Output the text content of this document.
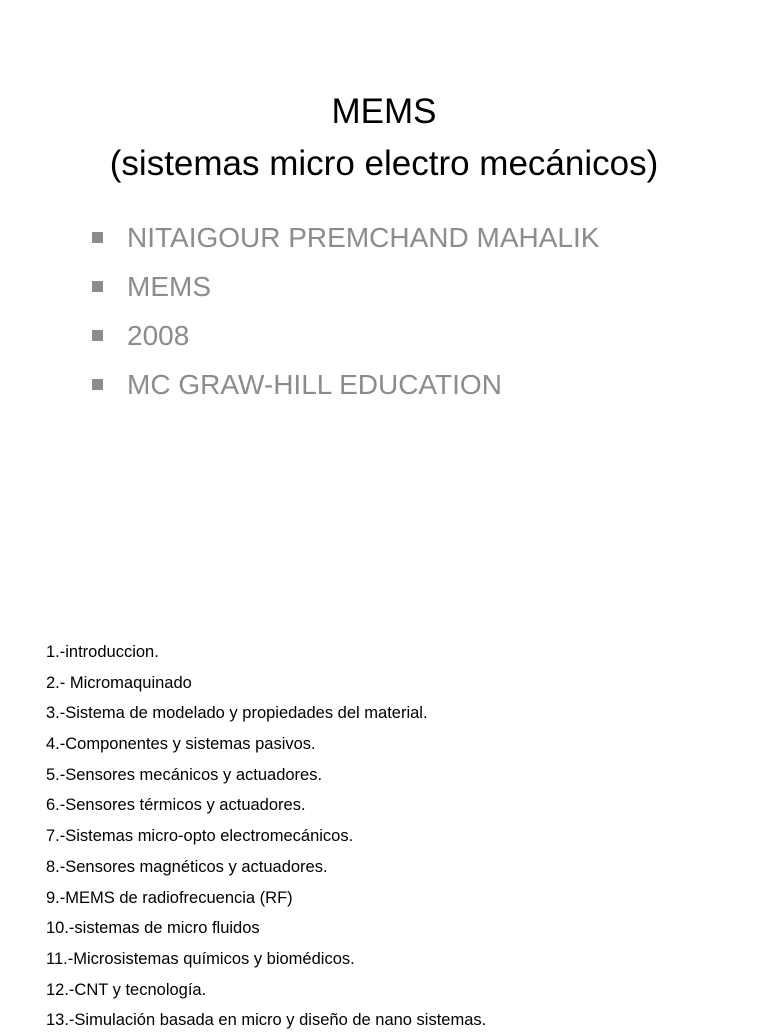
MEMS
(sistemas micro electro mecánicos)
NITAIGOUR PREMCHAND MAHALIK
MEMS
2008
MC GRAW-HILL EDUCATION
1.-introduccion.
2.- Micromaquinado
3.-Sistema de modelado y propiedades del material.
4.-Componentes y sistemas pasivos.
5.-Sensores mecánicos y actuadores.
6.-Sensores térmicos y actuadores.
7.-Sistemas micro-opto electromecánicos.
8.-Sensores magnéticos y actuadores.
9.-MEMS de radiofrecuencia (RF)
10.-sistemas de micro fluidos
11.-Microsistemas químicos y biomédicos.
12.-CNT y tecnología.
13.-Simulación basada en micro y diseño de nano sistemas.
